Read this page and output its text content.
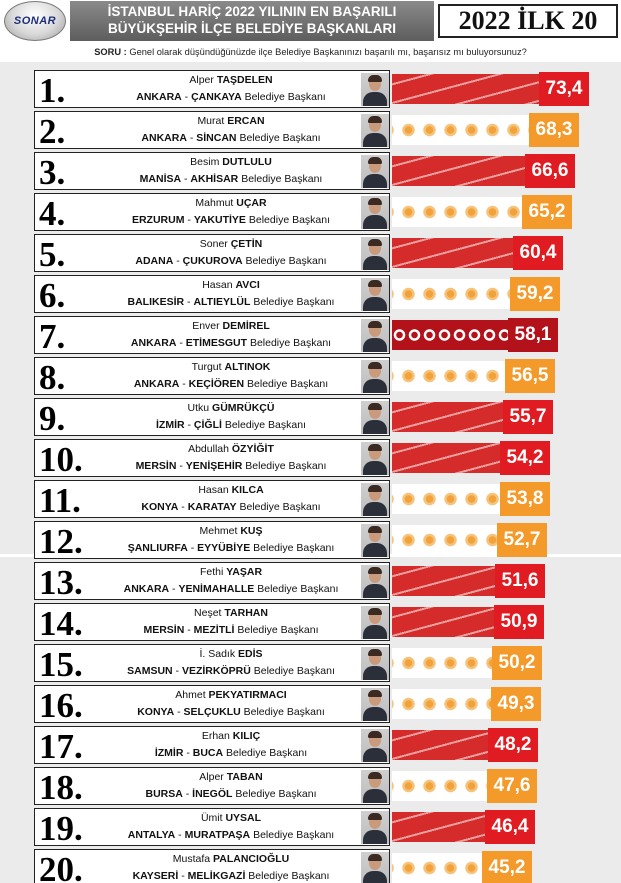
SONAR
İSTANBUL HARİÇ 2022 YILININ EN BAŞARILI
BÜYÜKŞEHİR İLÇE BELEDİYE BAŞKANLARI	2022 İLK 20
SORU : Genel olarak düşündüğünüzde ilçe Belediye Başkanınızı başarılı mı, başarısız mı buluyorsunuz?
1.	Alper TAŞDELEN
ANKARA - ÇANKAYA Belediye Başkanı	73,4
2.	Murat ERCAN
ANKARA - SİNCAN Belediye Başkanı	68,3
3.	Besim DUTLULU
MANİSA - AKHİSAR Belediye Başkanı	66,6
4.	Mahmut UÇAR
ERZURUM - YAKUTİYE Belediye Başkanı	65,2
5.	Soner ÇETİN
ADANA - ÇUKUROVA Belediye Başkanı	60,4
6.	Hasan AVCI
BALIKESİR - ALTIEYLÜL Belediye Başkanı	59,2
7.	Enver DEMİREL
ANKARA - ETİMESGUT Belediye Başkanı	58,1
8.	Turgut ALTINOK
ANKARA - KEÇİÖREN Belediye Başkanı	56,5
9.	Utku GÜMRÜKÇÜ
İZMİR - ÇİĞLİ Belediye Başkanı	55,7
10.	Abdullah ÖZYİĞİT
MERSİN - YENİŞEHİR Belediye Başkanı	54,2
11.	Hasan KILCA
KONYA - KARATAY Belediye Başkanı	53,8
12.	Mehmet KUŞ
ŞANLIURFA - EYYÜBİYE Belediye Başkanı	52,7
13.	Fethi YAŞAR
ANKARA - YENİMAHALLE Belediye Başkanı	51,6
14.	Neşet TARHAN
MERSİN - MEZİTLİ Belediye Başkanı	50,9
15.	İ. Sadık EDİS
SAMSUN - VEZİRKÖPRÜ Belediye Başkanı	50,2
16.	Ahmet PEKYATIRMACI
KONYA - SELÇUKLU Belediye Başkanı	49,3
17.	Erhan KILIÇ
İZMİR - BUCA Belediye Başkanı	48,2
18.	Alper TABAN
BURSA - İNEGÖL Belediye Başkanı	47,6
19.	Ümit UYSAL
ANTALYA - MURATPAŞA Belediye Başkanı	46,4
20.	Mustafa PALANCIOĞLU
KAYSERİ - MELİKGAZİ Belediye Başkanı	45,2
